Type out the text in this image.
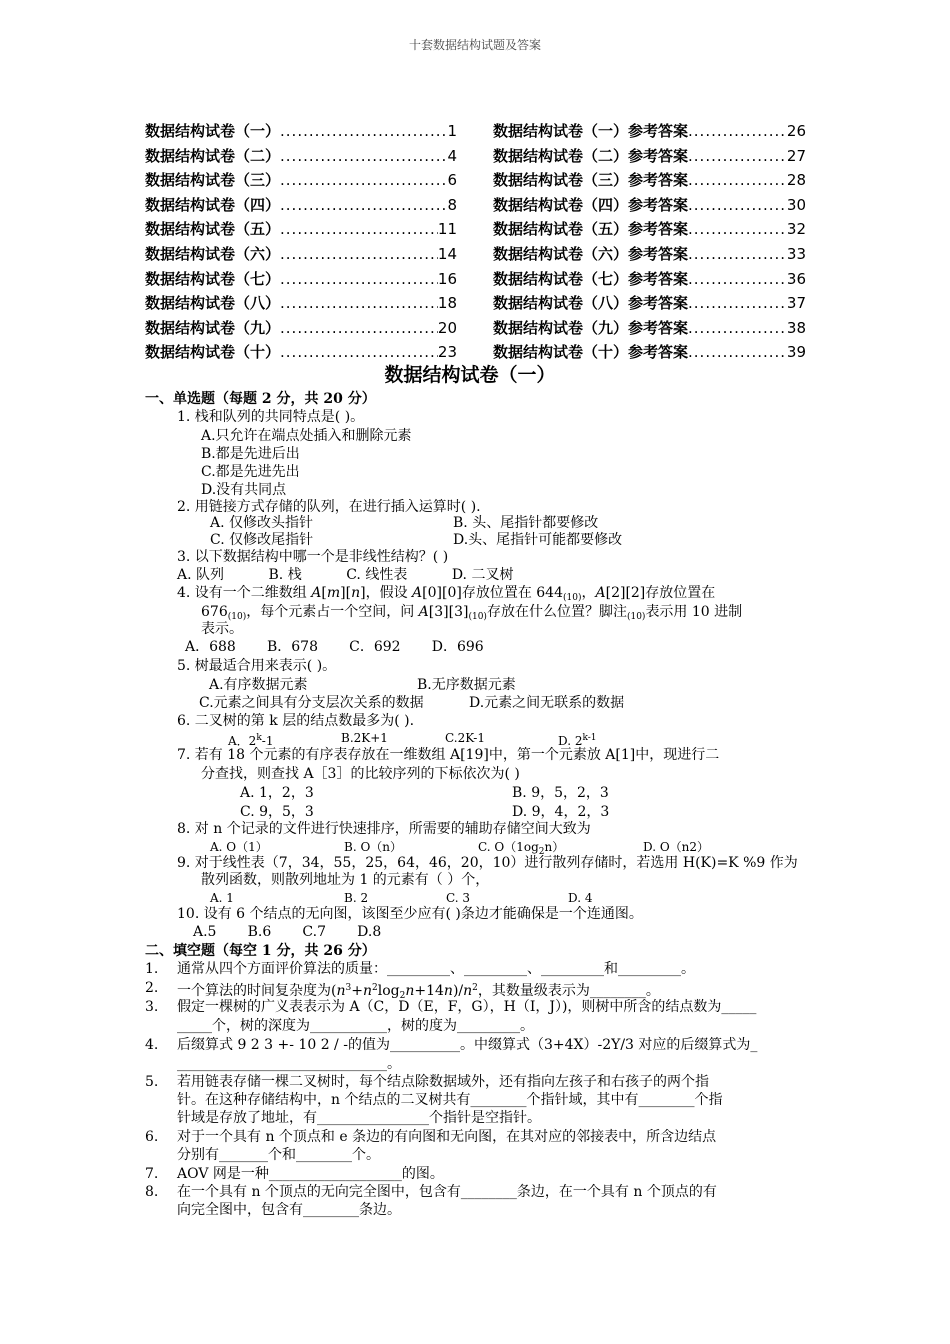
十套数据结构试题及答案
数据结构试卷（一） .....	1
数据结构试卷（二） .....	4
数据结构试卷（三） .....	6
数据结构试卷（四） .....	8
数据结构试卷（五） .....	11
数据结构试卷（六） .....	14
数据结构试卷（七） .....	16
数据结构试卷（八） .....	18
数据结构试卷（九） .....	20
数据结构试卷（十） .....	23
数据结构试卷（一）参考答案 .....	26
数据结构试卷（二）参考答案 .....	27
数据结构试卷（三）参考答案 .....	28
数据结构试卷（四）参考答案 .....	30
数据结构试卷（五）参考答案 .....	32
数据结构试卷（六）参考答案 .....	33
数据结构试卷（七）参考答案 .....	36
数据结构试卷（八）参考答案 .....	37
数据结构试卷（九）参考答案 .....	38
数据结构试卷（十）参考答案 .....	39
数据结构试卷（一）
一、单选题（每题 2 分，共 20 分）
1. 栈和队列的共同特点是( )。
A.只允许在端点处插入和删除元素
B.都是先进后出
C.都是先进先出
D.没有共同点
2. 用链接方式存储的队列，在进行插入运算时( ).
A. 仅修改头指针	B. 头、尾指针都要修改
C. 仅修改尾指针	D.头、尾指针可能都要修改
3. 以下数据结构中哪一个是非线性结构？( )
A. 队列          B. 栈          C. 线性表          D. 二叉树
4. 设有一个二维数组 A[m][n]，假设 A[0][0]存放位置在 $644_{(10)}$，A[2][2]存放位置在
$676_{(10)}$，每个元素占一个空间，问 $A[3][3]_{(10)}$存放在什么位置？脚注$_{(10)}$表示用 10 进制
表示。
A．688       B．678       C．692       D．696
5. 树最适合用来表示( )。
A.有序数据元素	B.无序数据元素
C.元素之间具有分支层次关系的数据	D.元素之间无联系的数据
6. 二叉树的第 k 层的结点数最多为( ).
A．2$^k$-1	B.2K+1	C.2K-1	D. 2$^{k-1}$
7. 若有 18 个元素的有序表存放在一维数组 A[19]中，第一个元素放 A[1]中，现进行二
分查找，则查找 A［3］的比较序列的下标依次为( )
A. 1，2，3	B. 9，5，2，3
C. 9，5，3	D. 9，4，2，3
8. 对 n 个记录的文件进行快速排序，所需要的辅助存储空间大致为
A. O（1）	B. O（n）	C. $O(1og_2n)$	D. O（n2）
9. 对于线性表（7，34，55，25，64，46，20，10）进行散列存储时，若选用 H(K)=K %9 作为
散列函数，则散列地址为 1 的元素有（ ）个，
A. 1	B. 2	C. 3	D. 4
10. 设有 6 个结点的无向图，该图至少应有( )条边才能确保是一个连通图。
A.5       B.6       C.7       D.8
二、填空题（每空 1 分，共 26 分）
1. 通常从四个方面评价算法的质量：_________、_________、_________和_________。
2. 一个算法的时间复杂度为$(n^3+n^2\log_2n+14n)/n^2$，其数量级表示为________。
3. 假定一棵树的广义表表示为 A（C，D（E，F，G），H（I，J）)，则树中所含的结点数为_____
_____个，树的深度为___________，树的度为_________。
4. 后缀算式 9 2 3 +- 10 2 / -的值为__________。中缀算式（3+4X）-2Y/3 对应的后缀算式为_
______________________________。
5. 若用链表存储一棵二叉树时，每个结点除数据域外，还有指向左孩子和右孩子的两个指
针。在这种存储结构中，n 个结点的二叉树共有________个指针域，其中有________个指
针域是存放了地址，有________________个指针是空指针。
6. 对于一个具有 n 个顶点和 e 条边的有向图和无向图，在其对应的邻接表中，所含边结点
分别有_______个和________个。
7. AOV 网是一种___________________的图。
8. 在一个具有 n 个顶点的无向完全图中，包含有________条边，在一个具有 n 个顶点的有
向完全图中，包含有________条边。
